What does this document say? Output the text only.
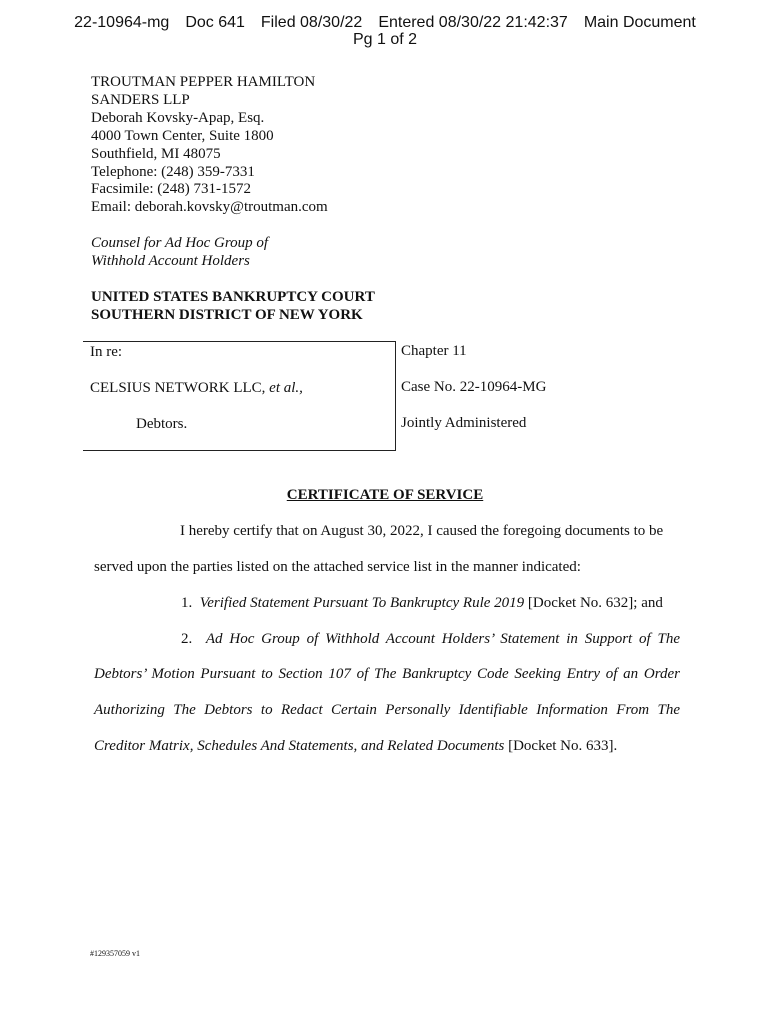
22-10964-mg Doc 641 Filed 08/30/22 Entered 08/30/22 21:42:37 Main Document
Pg 1 of 2
TROUTMAN PEPPER HAMILTON
SANDERS LLP
Deborah Kovsky-Apap, Esq.
4000 Town Center, Suite 1800
Southfield, MI 48075
Telephone: (248) 359-7331
Facsimile: (248) 731-1572
Email: deborah.kovsky@troutman.com
Counsel for Ad Hoc Group of
Withhold Account Holders
UNITED STATES BANKRUPTCY COURT
SOUTHERN DISTRICT OF NEW YORK
In re:
CELSIUS NETWORK LLC, et al.,
Debtors.
Chapter 11
Case No. 22-10964-MG
Jointly Administered
CERTIFICATE OF SERVICE
I hereby certify that on August 30, 2022, I caused the foregoing documents to be
served upon the parties listed on the attached service list in the manner indicated:
1. Verified Statement Pursuant To Bankruptcy Rule 2019 [Docket No. 632]; and
2. Ad Hoc Group of Withhold Account Holders’ Statement in Support of The
Debtors’ Motion Pursuant to Section 107 of The Bankruptcy Code Seeking Entry of an Order
Authorizing The Debtors to Redact Certain Personally Identifiable Information From The
Creditor Matrix, Schedules And Statements, and Related Documents [Docket No. 633].
#129357059 v1
